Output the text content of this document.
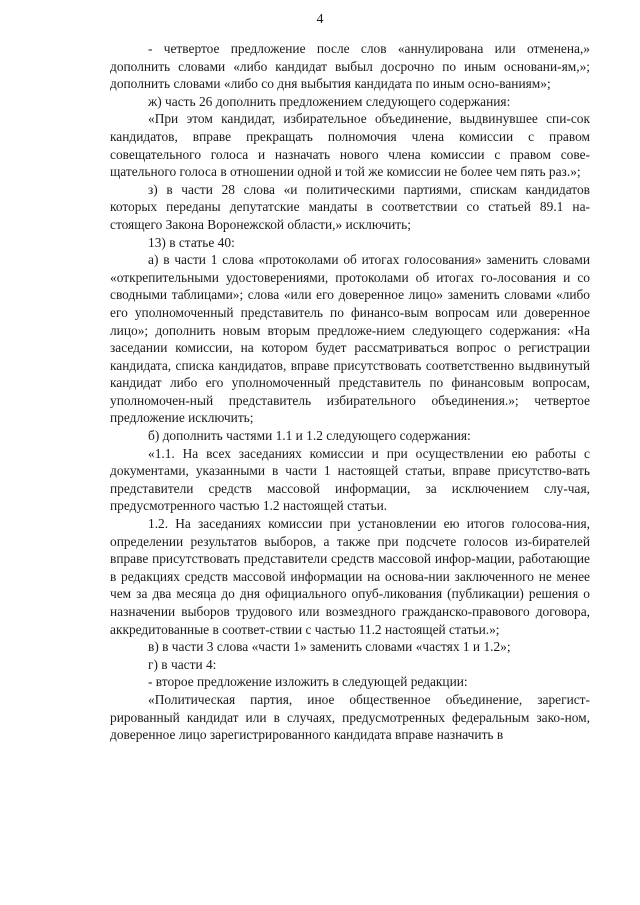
4

- четвертое предложение после слов «аннулирована или отменена,» дополнить словами «либо кандидат выбыл досрочно по иным основани-ям,»; дополнить словами «либо со дня выбытия кандидата по иным осно-ваниям»;

ж) часть 26 дополнить предложением следующего содержания:

«При этом кандидат, избирательное объединение, выдвинувшее спи-сок кандидатов, вправе прекращать полномочия члена комиссии с правом совещательного голоса и назначать нового члена комиссии с правом сове-щательного голоса в отношении одной и той же комиссии не более чем пять раз.»;

з) в части 28 слова «и политическими партиями, спискам кандидатов которых переданы депутатские мандаты в соответствии со статьей 89.1 на-стоящего Закона Воронежской области,» исключить;

13) в статье 40:

а) в части 1 слова «протоколами об итогах голосования» заменить словами «открепительными удостоверениями, протоколами об итогах го-лосования и со сводными таблицами»; слова «или его доверенное лицо» заменить словами «либо его уполномоченный представитель по финансо-вым вопросам или доверенное лицо»; дополнить новым вторым предложе-нием следующего содержания: «На заседании комиссии, на котором будет рассматриваться вопрос о регистрации кандидата, списка кандидатов, вправе присутствовать соответственно выдвинутый кандидат либо его уполномоченный представитель по финансовым вопросам, уполномочен-ный представитель избирательного объединения.»; четвертое предложение исключить;

б) дополнить частями 1.1 и 1.2 следующего содержания:

«1.1. На всех заседаниях комиссии и при осуществлении ею работы с документами, указанными в части 1 настоящей статьи, вправе присутство-вать представители средств массовой информации, за исключением слу-чая, предусмотренного частью 1.2 настоящей статьи.

1.2. На заседаниях комиссии при установлении ею итогов голосова-ния, определении результатов выборов, а также при подсчете голосов из-бирателей вправе присутствовать представители средств массовой инфор-мации, работающие в редакциях средств массовой информации на основа-нии заключенного не менее чем за два месяца до дня официального опуб-ликования (публикации) решения о назначении выборов трудового или возмездного гражданско-правового договора, аккредитованные в соответ-ствии с частью 11.2 настоящей статьи.»;

в) в части 3 слова «части 1» заменить словами «частях 1 и 1.2»;

г) в части 4:

- второе предложение изложить в следующей редакции:

«Политическая партия, иное общественное объединение, зарегист-рированный кандидат или в случаях, предусмотренных федеральным зако-ном, доверенное лицо зарегистрированного кандидата вправе назначить в
